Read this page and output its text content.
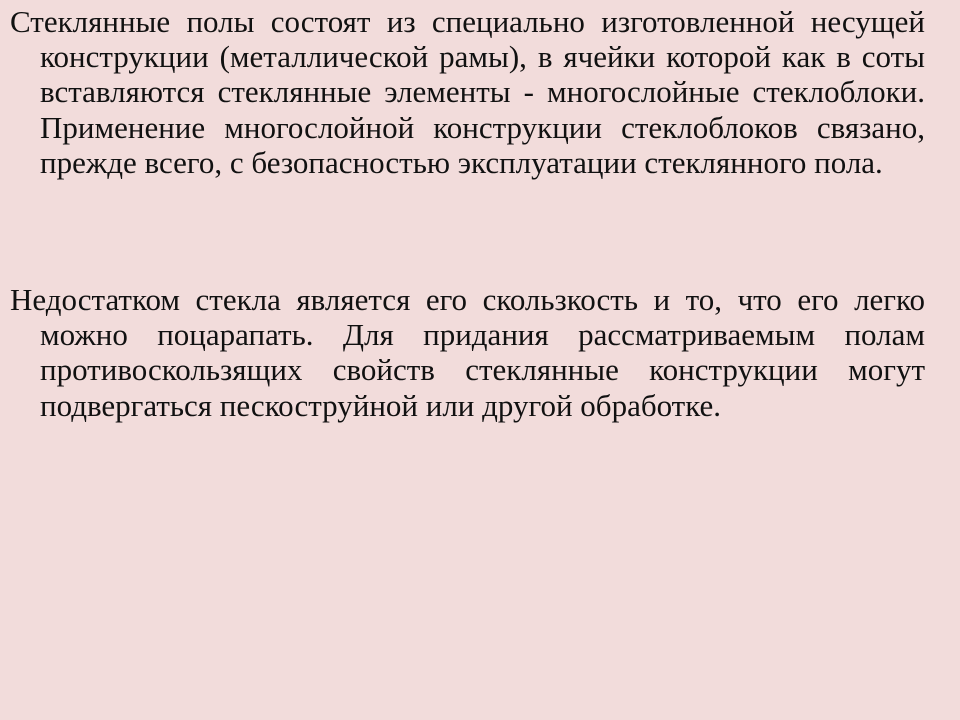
Стеклянные полы состоят из специально изготовленной несущей конструкции (металлической рамы), в ячейки которой как в соты вставляются стеклянные элементы - многослойные стеклоблоки. Применение многослойной конструкции стеклоблоков связано, прежде всего, с безопасностью эксплуатации стеклянного пола.

Недостатком стекла является его скользкость и то, что его легко можно поцарапать. Для придания рассматриваемым полам противоскользящих свойств стеклянные конструкции могут подвергаться пескоструйной или другой обработке.
